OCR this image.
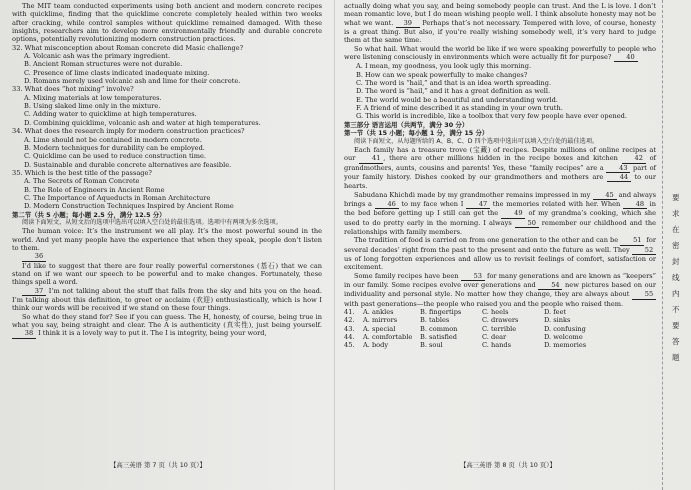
The MIT team conducted experiments using both ancient and modern concrete recipes with quicklime, finding that the quicklime concrete completely healed within two weeks after cracking, while control samples without quicklime remained damaged. With these insights, researchers aim to develop more environmentally friendly and durable concrete options, potentially revolutionizing modern construction practices.

32. What misconception about Roman concrete did Masic challenge?

A. Volcanic ash was the primary ingredient.

B. Ancient Roman structures were not durable.

C. Presence of lime clasts indicated inadequate mixing.

D. Romans merely used volcanic ash and lime for their concrete.

33. What does “hot mixing” involve?

A. Mixing materials at low temperatures.

B. Using slaked lime only in the mixture.

C. Adding water to quicklime at high temperatures.

D. Combining quicklime, volcanic ash and water at high temperatures.

34. What does the research imply for modern construction practices?

A. Lime should not be contained in modern concrete.

B. Modern techniques for durability can be employed.

C. Quicklime can be used to reduce construction time.

D. Sustainable and durable concrete alternatives are feasible.

35. Which is the best title of the passage?

A. The Secrets of Roman Concrete

B. The Role of Engineers in Ancient Rome

C. The Importance of Aqueducts in Roman Architecture

D. Modern Construction Techniques Inspired by Ancient Rome

第二节（共 5 小题；每小题 2.5 分，满分 12.5 分）

阅读下面短文，从短文后的选项中选出可以填入空白处的最佳选项。选项中有两项为多余选项。

The human voice: It’s the instrument we all play. It’s the most powerful sound in the world. And yet many people have the experience that when they speak, people don’t listen to them.

36

I’d like to suggest that there are four really powerful cornerstones (基石) that we can stand on if we want our speech to be powerful and to make changes. Fortunately, these things spell a word.

37 I’m not talking about the stuff that falls from the sky and hits you on the head. I’m talking about this definition, to greet or acclaim (欢迎) enthusiastically, which is how I think our words will be received if we stand on these four things.

So what do they stand for? See if you can guess. The H, honesty, of course, being true in what you say, being straight and clear. The A is authenticity (真实性), just being yourself. 38 I think it is a lovely way to put it. The I is integrity, being your word,

actually doing what you say, and being somebody people can trust. And the L is love. I don’t mean romantic love, but I do mean wishing people well. I think absolute honesty may not be what we want. 39 Perhaps that’s not necessary. Tempered with love, of course, honesty is a great thing. But also, if you’re really wishing somebody well, it’s very hard to judge them at the same time.

So what hail. What would the world be like if we were speaking powerfully to people who were listening consciously in environments which were actually fit for purpose? 40

A. I mean, my goodness, you look ugly this morning.

B. How can we speak powerfully to make changes?

C. The word is “hail,” and that is an idea worth spreading.

D. The word is “hail,” and it has a great definition as well.

E. The world would be a beautiful and understanding world.

F. A friend of mine described it as standing in your own truth.

G. This world is incredible, like a toolbox that very few people have ever opened.

第三部分 语言运用（共两节，满分 30 分）

第一节（共 15 小题；每小题 1 分，满分 15 分）

阅读下面短文，从每题所给的 A、B、C、D 四个选项中选出可以填入空白处的最佳选项。

Each family has a treasure trove (宝藏) of recipes. Despite millions of online recipes at our	41 , there are other millions hidden in the recipe boxes and kitchen	42 of grandmothers, aunts, cousins and parents! Yes, these “family recipes” are a 43 part of your family history. Dishes cooked by our grandmothers and mothers are 44 to our hearts.

Sabudana Khichdi made by my grandmother remains impressed in my 45 and always brings a 46 to my face when I 47 the memories related with her. When 48 in the bed before getting up I still can get the 49 of my grandma’s cooking, which she used to do pretty early in the morning. I always 50 remember our childhood and the relationships with family members.

The tradition of food is carried on from one generation to the other and can be 51 for several decades’ right from the past to the present and onto the future as well. They 52 us of long forgotten experiences and allow us to revisit feelings of comfort, satisfaction or excitement.

Some family recipes have been 53 for many generations and are known as “keepers” in our family. Some recipes evolve over generations and 54 new pictures based on our individuality and personal style. No matter how they change, they are always about 55 with past generations—the people who raised you and the people who raised them.

41.	A. ankles	B. fingertips	C. heels	D. feet
42.	A. mirrors	B. tables	C. drawers	D. sinks
43.	A. special	B. common	C. terrible	D. confusing
44.	A. comfortable	B. satisfied	C. dear	D. welcome
45.	A. body	B. soul	C. hands	D. memories
【高三英语 第 7 页（共 10 页）】	【高三英语 第 8 页（共 10 页）】
要求在密封线内不要答题
